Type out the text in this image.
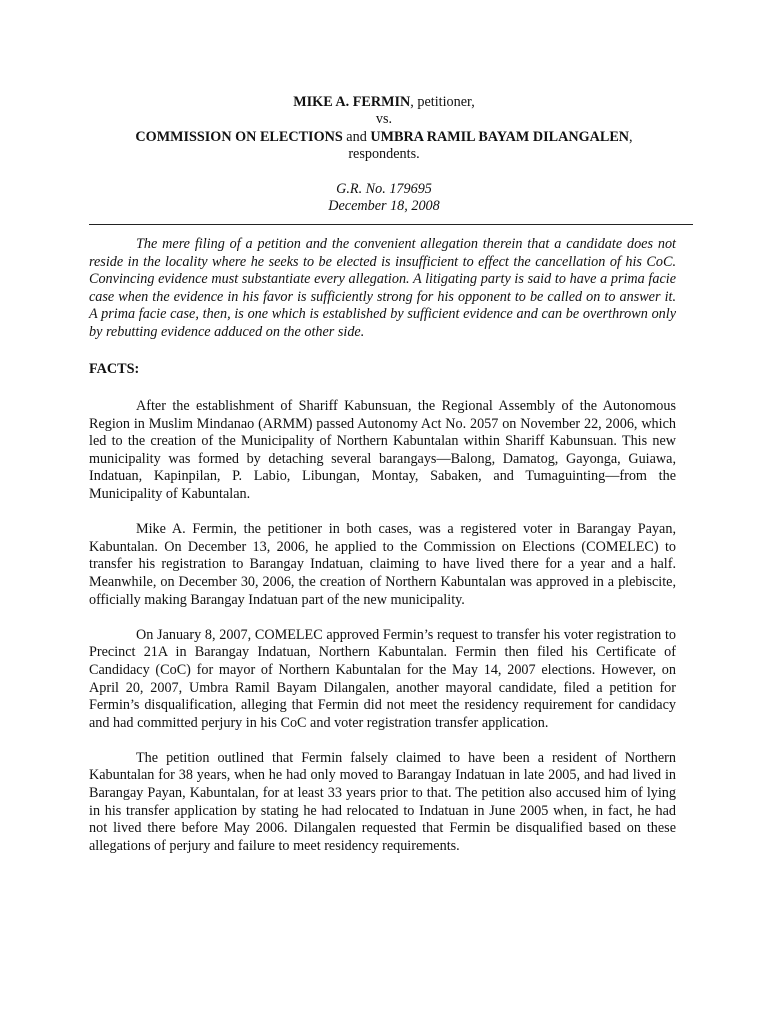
MIKE A. FERMIN, petitioner,
vs.
COMMISSION ON ELECTIONS and UMBRA RAMIL BAYAM DILANGALEN,
respondents.
G.R. No. 179695
December 18, 2008

The mere filing of a petition and the convenient allegation therein that a candidate does not reside in the locality where he seeks to be elected is insufficient to effect the cancellation of his CoC. Convincing evidence must substantiate every allegation. A litigating party is said to have a prima facie case when the evidence in his favor is sufficiently strong for his opponent to be called on to answer it. A prima facie case, then, is one which is established by sufficient evidence and can be overthrown only by rebutting evidence adduced on the other side.

FACTS:

After the establishment of Shariff Kabunsuan, the Regional Assembly of the Autonomous Region in Muslim Mindanao (ARMM) passed Autonomy Act No. 2057 on November 22, 2006, which led to the creation of the Municipality of Northern Kabuntalan within Shariff Kabunsuan. This new municipality was formed by detaching several barangays—Balong, Damatog, Gayonga, Guiawa, Indatuan, Kapinpilan, P. Labio, Libungan, Montay, Sabaken, and Tumaguinting—from the Municipality of Kabuntalan.

Mike A. Fermin, the petitioner in both cases, was a registered voter in Barangay Payan, Kabuntalan. On December 13, 2006, he applied to the Commission on Elections (COMELEC) to transfer his registration to Barangay Indatuan, claiming to have lived there for a year and a half. Meanwhile, on December 30, 2006, the creation of Northern Kabuntalan was approved in a plebiscite, officially making Barangay Indatuan part of the new municipality.

On January 8, 2007, COMELEC approved Fermin’s request to transfer his voter registration to Precinct 21A in Barangay Indatuan, Northern Kabuntalan. Fermin then filed his Certificate of Candidacy (CoC) for mayor of Northern Kabuntalan for the May 14, 2007 elections. However, on April 20, 2007, Umbra Ramil Bayam Dilangalen, another mayoral candidate, filed a petition for Fermin’s disqualification, alleging that Fermin did not meet the residency requirement for candidacy and had committed perjury in his CoC and voter registration transfer application.

The petition outlined that Fermin falsely claimed to have been a resident of Northern Kabuntalan for 38 years, when he had only moved to Barangay Indatuan in late 2005, and had lived in Barangay Payan, Kabuntalan, for at least 33 years prior to that. The petition also accused him of lying in his transfer application by stating he had relocated to Indatuan in June 2005 when, in fact, he had not lived there before May 2006. Dilangalen requested that Fermin be disqualified based on these allegations of perjury and failure to meet residency requirements.
